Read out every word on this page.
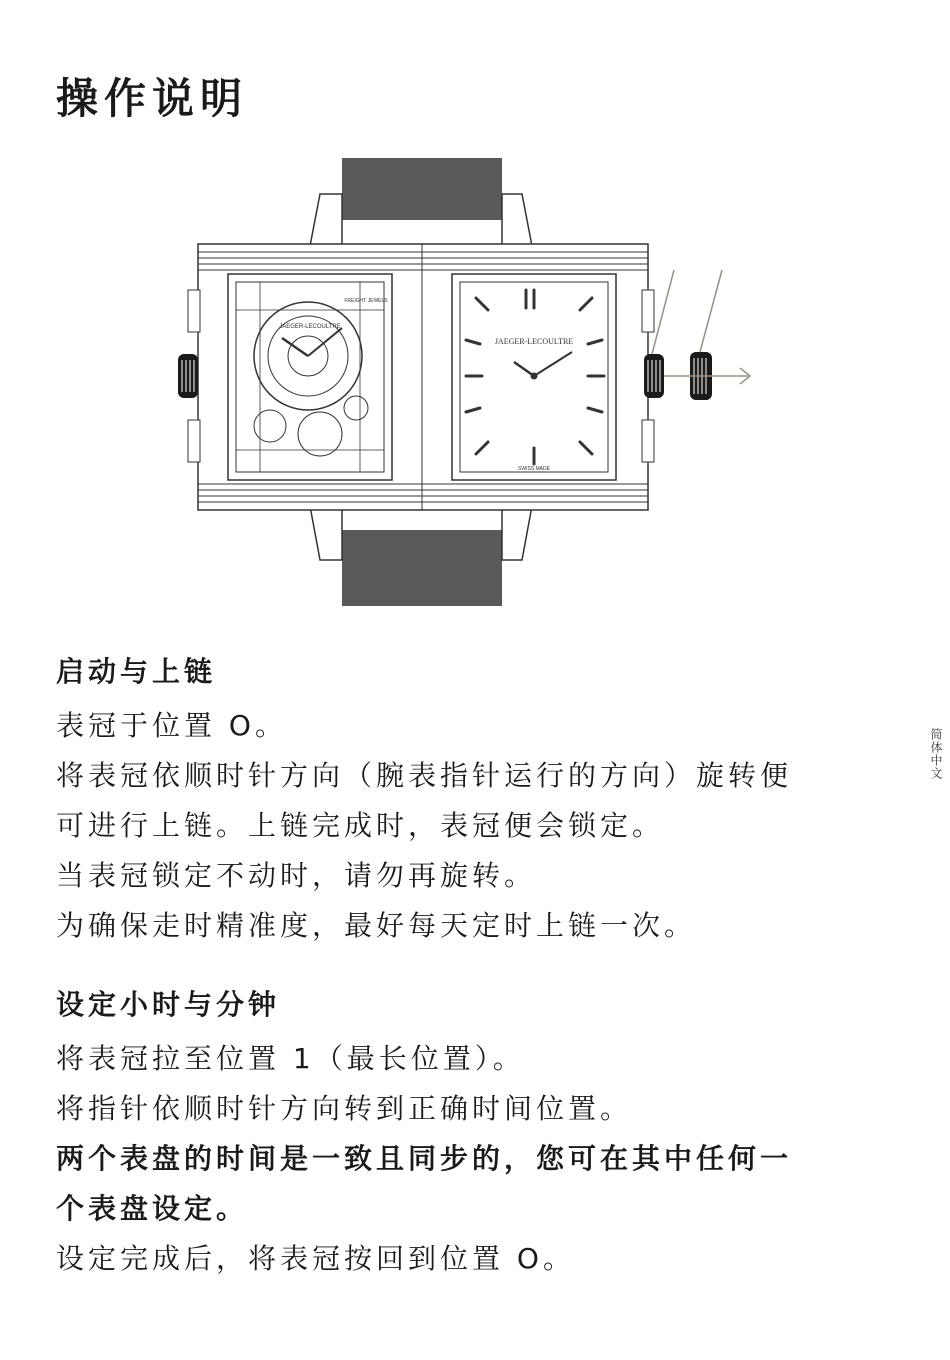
操作说明
简体中文
JAEGER-LECOULTRE
FREIGHT JEWELS
JAEGER-LECOULTRE
SWISS MADE
启动与上链

表冠于位置 O。

将表冠依顺时针方向（腕表指针运行的方向）旋转便

可进行上链。上链完成时，表冠便会锁定。

当表冠锁定不动时，请勿再旋转。

为确保走时精准度，最好每天定时上链一次。

设定小时与分钟

将表冠拉至位置 1（最长位置）。

将指针依顺时针方向转到正确时间位置。

两个表盘的时间是一致且同步的，您可在其中任何一

个表盘设定。

设定完成后，将表冠按回到位置 O。
